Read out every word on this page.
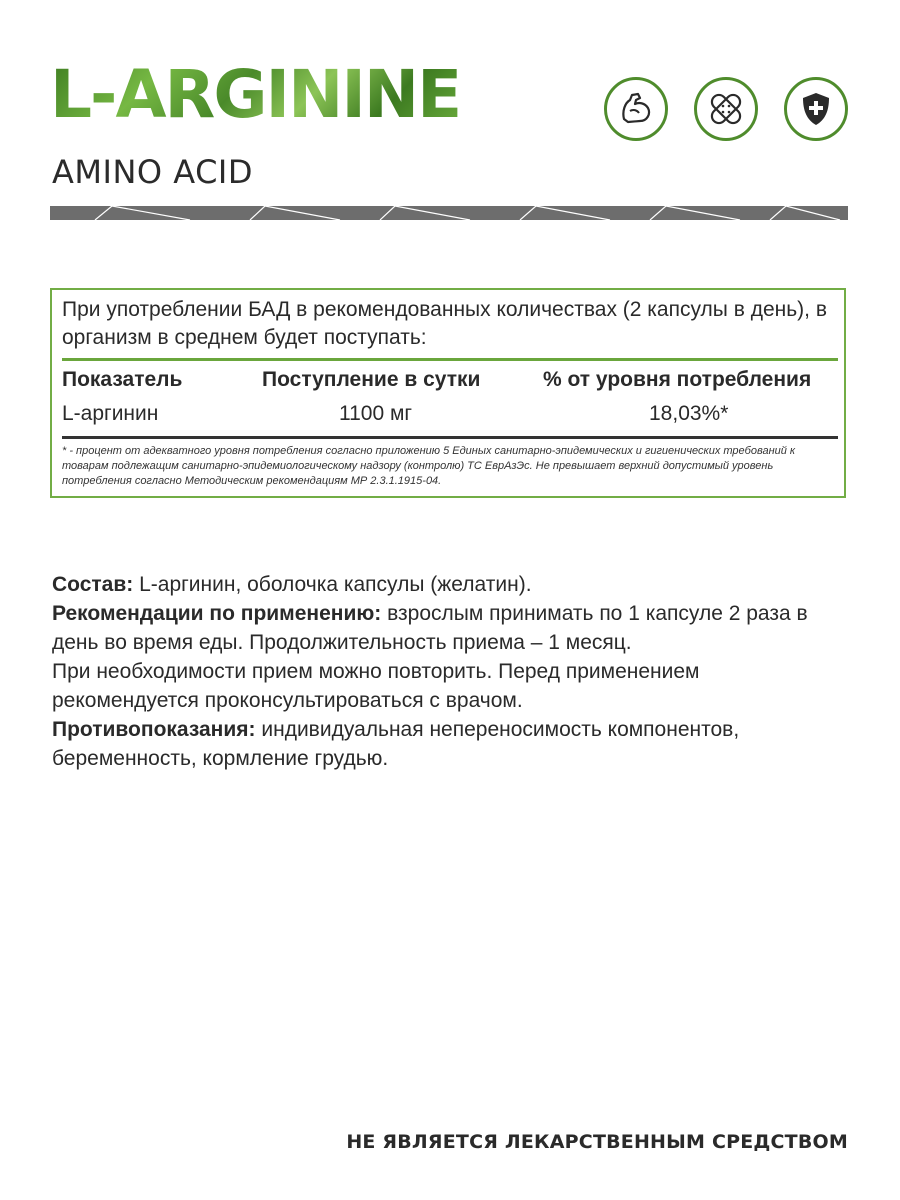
L-ARGININE
AMINO ACID

При употреблении БАД в рекомендованных количествах (2 капсулы в день), в организм в среднем будет поступать:

Показатель	Поступление в сутки	% от уровня потребления
L-аргинин	1100 мг	18,03%*

* - процент от адекватного уровня потребления согласно приложению 5 Единых санитарно-эпидемических и гигиенических требований к товарам подлежащим санитарно-эпидемиологическому надзору (контролю) ТС ЕврАзЭс. Не превышает верхний допустимый уровень потребления согласно Методическим рекомендациям МР 2.3.1.1915-04.

Состав: L-аргинин, оболочка капсулы (желатин).

Рекомендации по применению: взрослым принимать по 1 капсуле 2 раза в день во время еды. Продолжительность приема – 1 месяц.

При необходимости прием можно повторить. Перед применением рекомендуется проконсультироваться с врачом.

Противопоказания: индивидуальная непереносимость компонентов, беременность, кормление грудью.

НЕ ЯВЛЯЕТСЯ ЛЕКАРСТВЕННЫМ СРЕДСТВОМ
